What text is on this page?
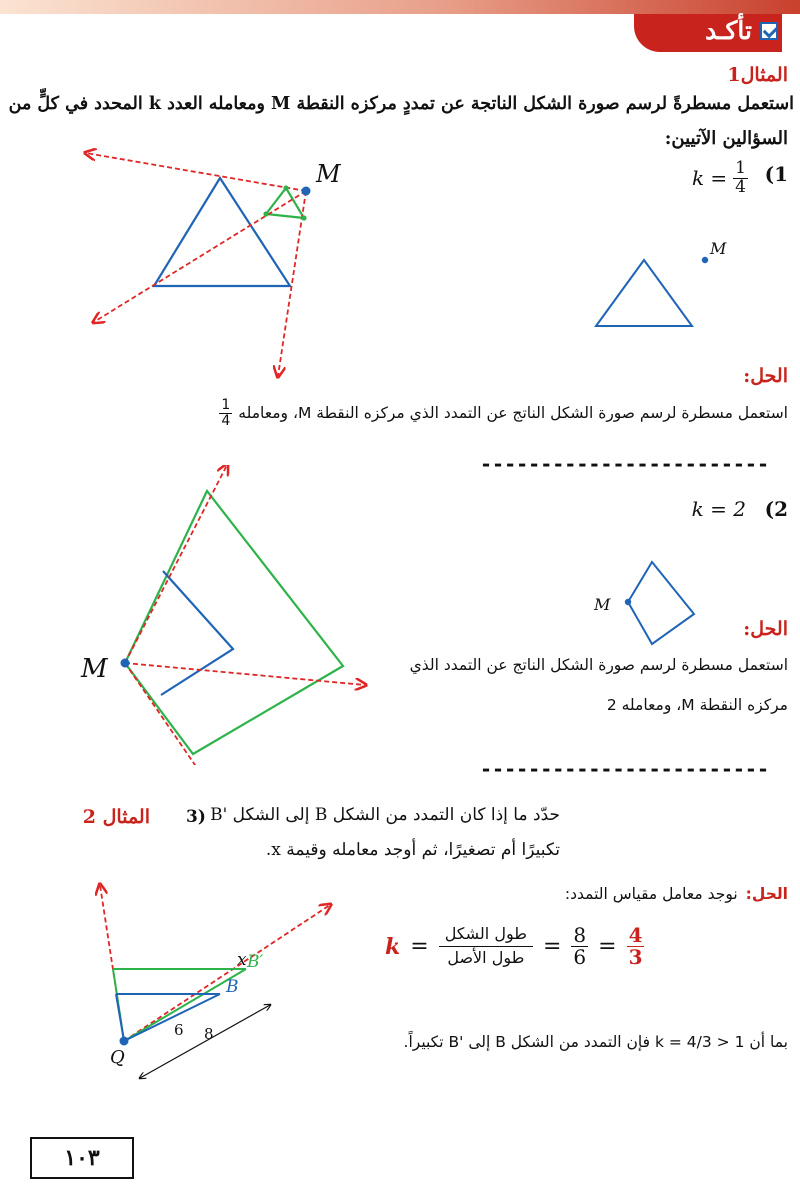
تأكـد
المثال1
استعمل مسطرةً لرسم صورة الشكل الناتجة عن تمددٍ مركزه النقطة M ومعامله العدد k المحدد في كلٍّ من
السؤالين الآتيين:
(1
$k = \frac{1}{4}$
M
M
الحل:
استعمل مسطرة لرسم صورة الشكل الناتج عن التمدد الذي مركزه النقطة M، ومعامله
$\frac{1}{4}$
------------------------
(2
k = 2
M
M
الحل:
استعمل مسطرة لرسم صورة الشكل الناتج عن التمدد الذي
مركزه النقطة M، ومعامله 2
------------------------
المثال 2 3) حدّد ما إذا كان التمدد من الشكل B إلى الشكل 'B
تكبيرًا أم تصغيرًا، ثم أوجد معامله وقيمة x.
الحل:
نوجد معامل مقياس التمدد:
$k = \frac{\text{طول الشكل}}{\text{طول الأصل}} = \frac{8}{6} = \frac{4}{3}$
بما أن k = 4/3 > 1 فإن التمدد من الشكل B إلى 'B تكبيراً.
x B′
B
6 8
Q
١٠٣
